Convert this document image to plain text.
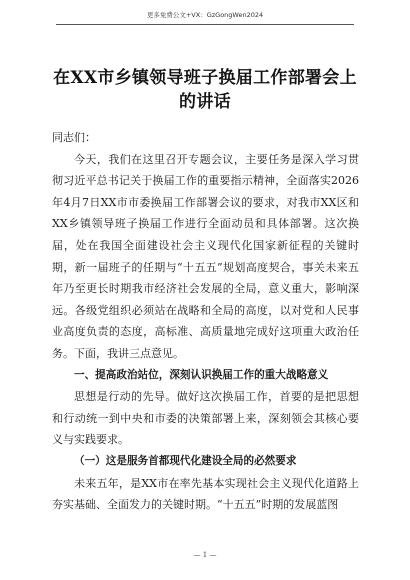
更多免费公文+VX：GzGongWen2024
在XX市乡镇领导班子换届工作部署会上的讲话

同志们：

今天，我们在这里召开专题会议，主要任务是深入学习贯彻习近平总书记关于换届工作的重要指示精神，全面落实2026年4月7日XX市市委换届工作部署会议的要求，对我市XX区和XX乡镇领导班子换届工作进行全面动员和具体部署。这次换届，处在我国全面建设社会主义现代化国家新征程的关键时期，新一届班子的任期与“十五五”规划高度契合，事关未来五年乃至更长时期我市经济社会发展的全局，意义重大，影响深远。各级党组织必须站在战略和全局的高度，以对党和人民事业高度负责的态度，高标准、高质量地完成好这项重大政治任务。下面，我讲三点意见。

一、提高政治站位，深刻认识换届工作的重大战略意义

思想是行动的先导。做好这次换届工作，首要的是把思想和行动统一到中央和市委的决策部署上来，深刻领会其核心要义与实践要求。

（一）这是服务首都现代化建设全局的必然要求

未来五年，是XX市在率先基本实现社会主义现代化道路上夯实基础、全面发力的关键时期。“十五五”时期的发展蓝图

— 1 —
